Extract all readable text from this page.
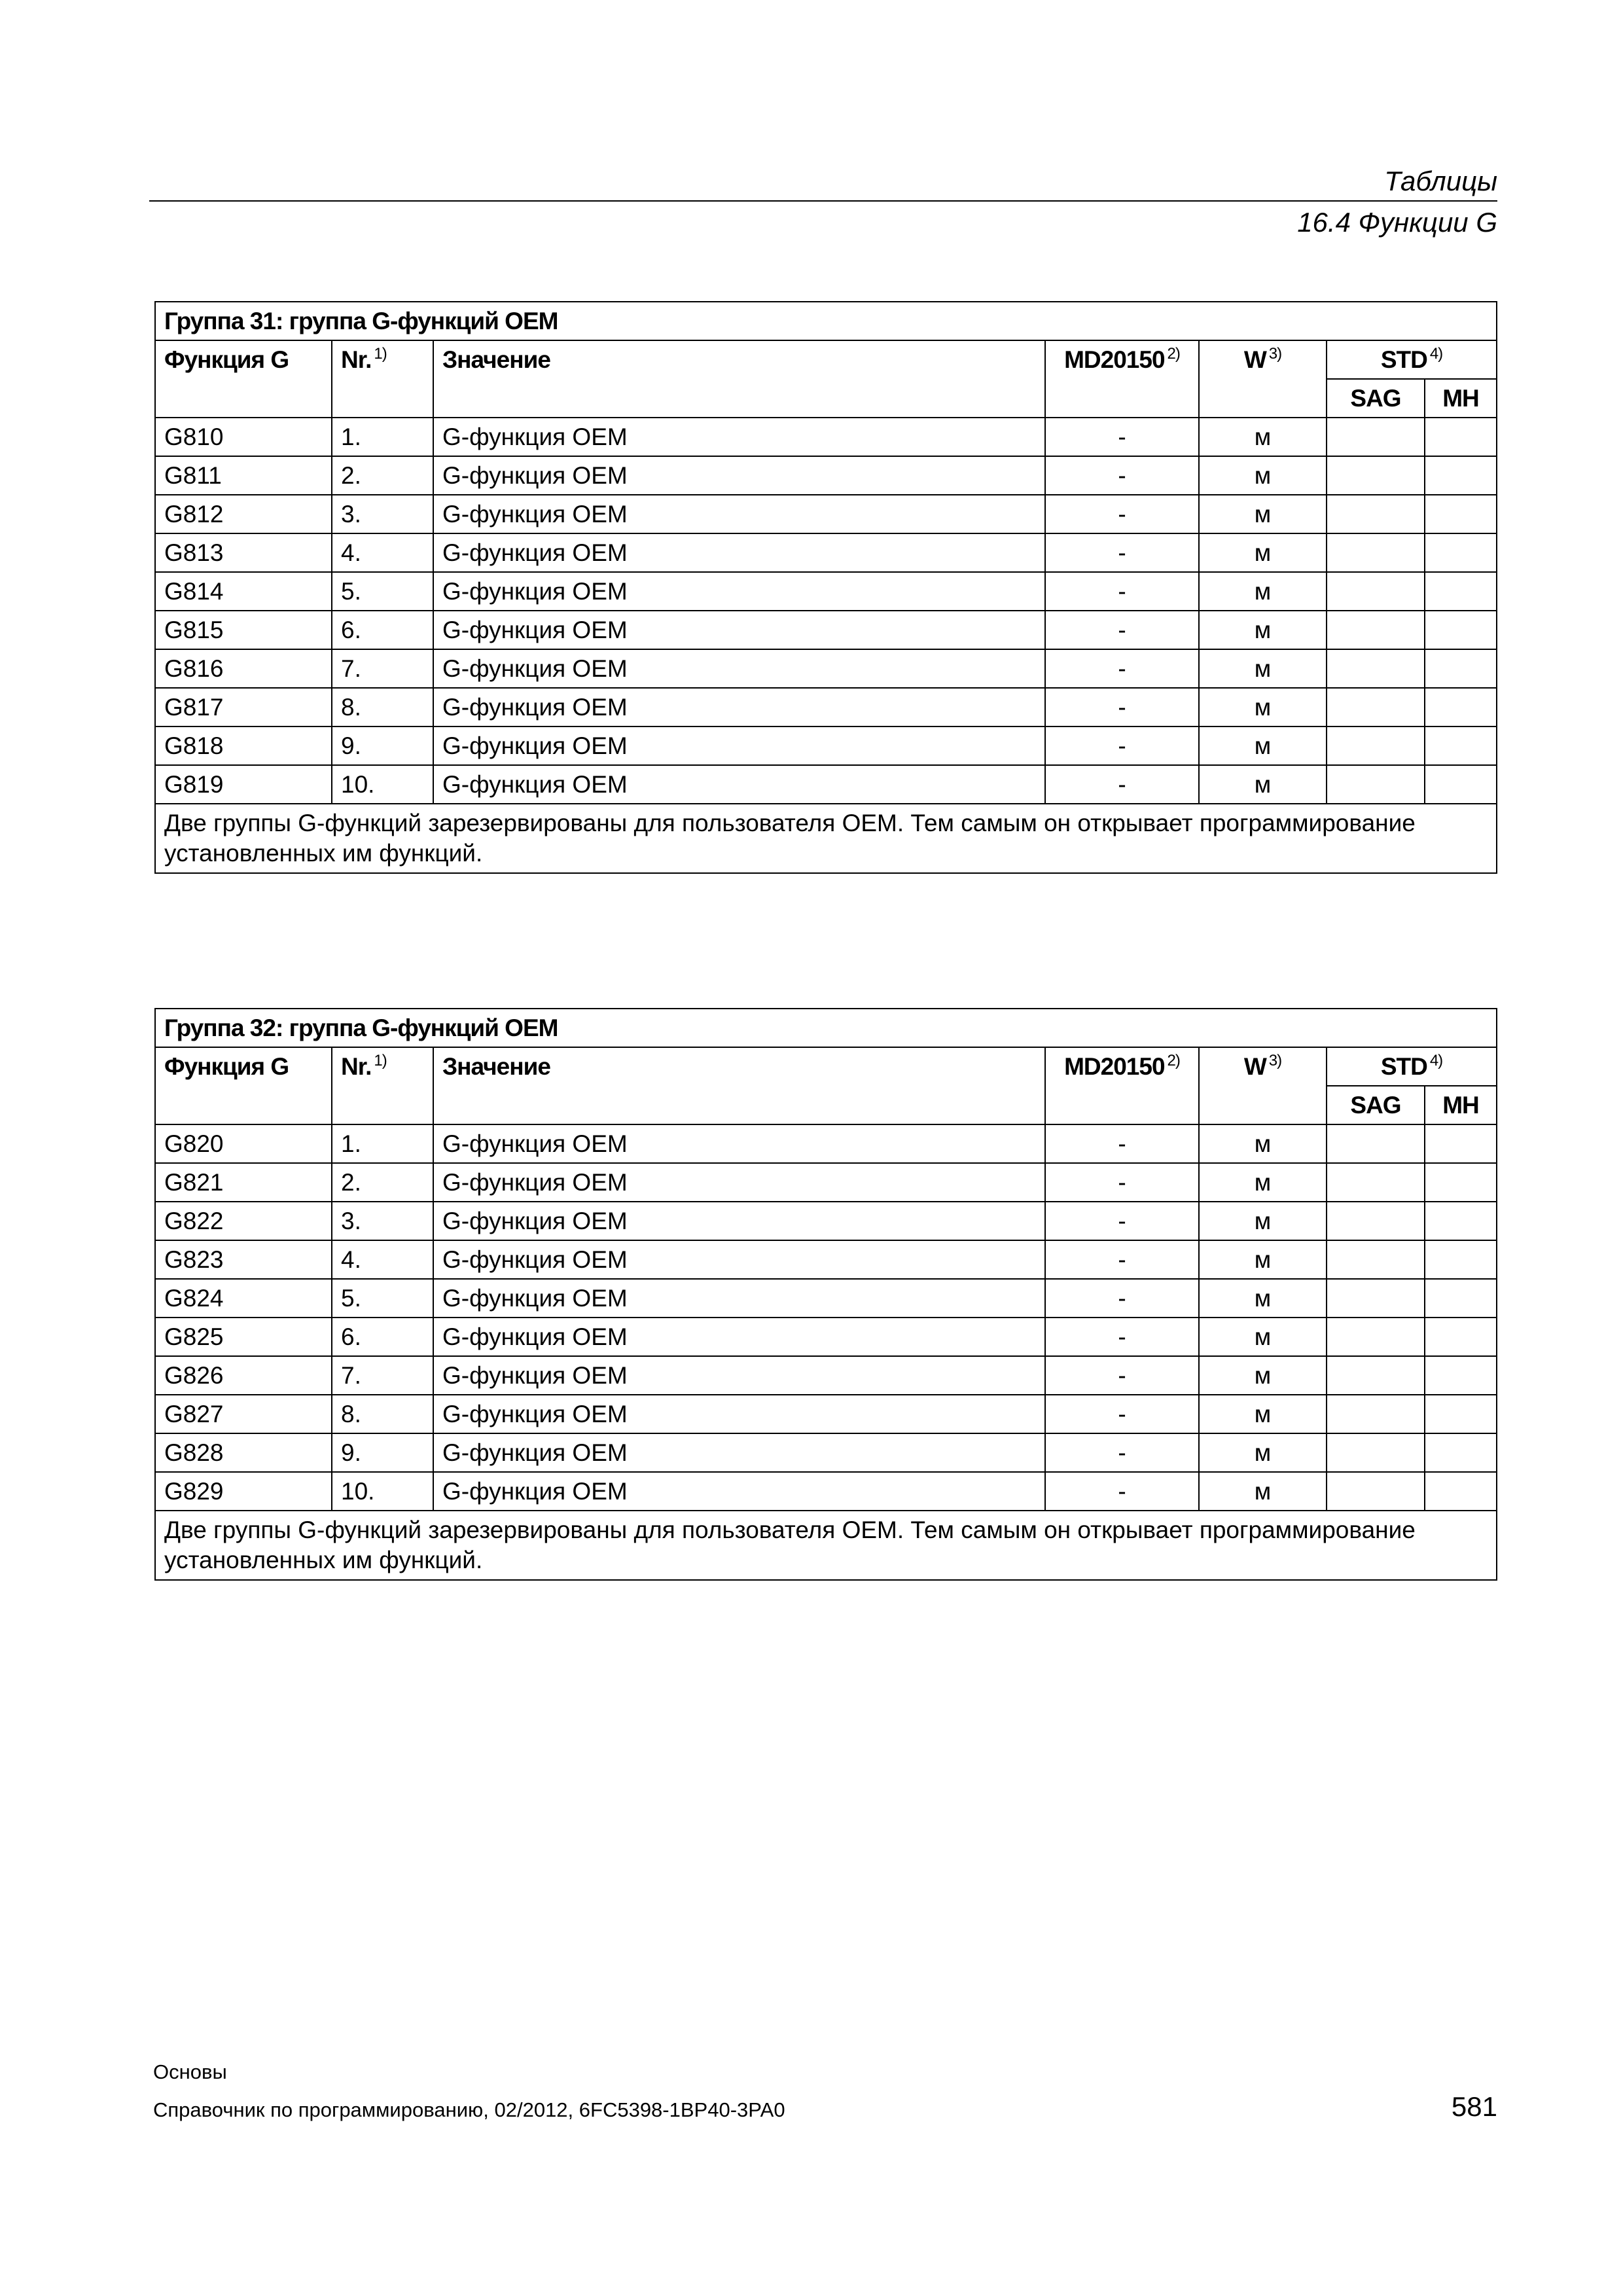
Таблицы
16.4 Функции G
Группа 31: группа G-функций OEM						
Функция G	Nr. $^{1)}$	Значение	MD20150 $^{2)}$	W $^{3)}$	STD $^{4)}$
					SAG	MH
G810	1.	G-функция OEM	-	м		
G811	2.	G-функция OEM	-	м		
G812	3.	G-функция OEM	-	м		
G813	4.	G-функция OEM	-	м		
G814	5.	G-функция OEM	-	м		
G815	6.	G-функция OEM	-	м		
G816	7.	G-функция OEM	-	м		
G817	8.	G-функция OEM	-	м		
G818	9.	G-функция OEM	-	м		
G819	10.	G-функция OEM	-	м		
Две группы G-функций зарезервированы для пользователя OEM. Тем самым он открывает программирование установленных им функций.						
Группа 32: группа G-функций OEM						
Функция G	Nr. $^{1)}$	Значение	MD20150 $^{2)}$	W $^{3)}$	STD $^{4)}$
					SAG	MH
G820	1.	G-функция OEM	-	м		
G821	2.	G-функция OEM	-	м		
G822	3.	G-функция OEM	-	м		
G823	4.	G-функция OEM	-	м		
G824	5.	G-функция OEM	-	м		
G825	6.	G-функция OEM	-	м		
G826	7.	G-функция OEM	-	м		
G827	8.	G-функция OEM	-	м		
G828	9.	G-функция OEM	-	м		
G829	10.	G-функция OEM	-	м		
Две группы G-функций зарезервированы для пользователя OEM. Тем самым он открывает программирование установленных им функций.						
Основы
Справочник по программированию, 02/2012, 6FC5398-1BP40-3PA0	581
